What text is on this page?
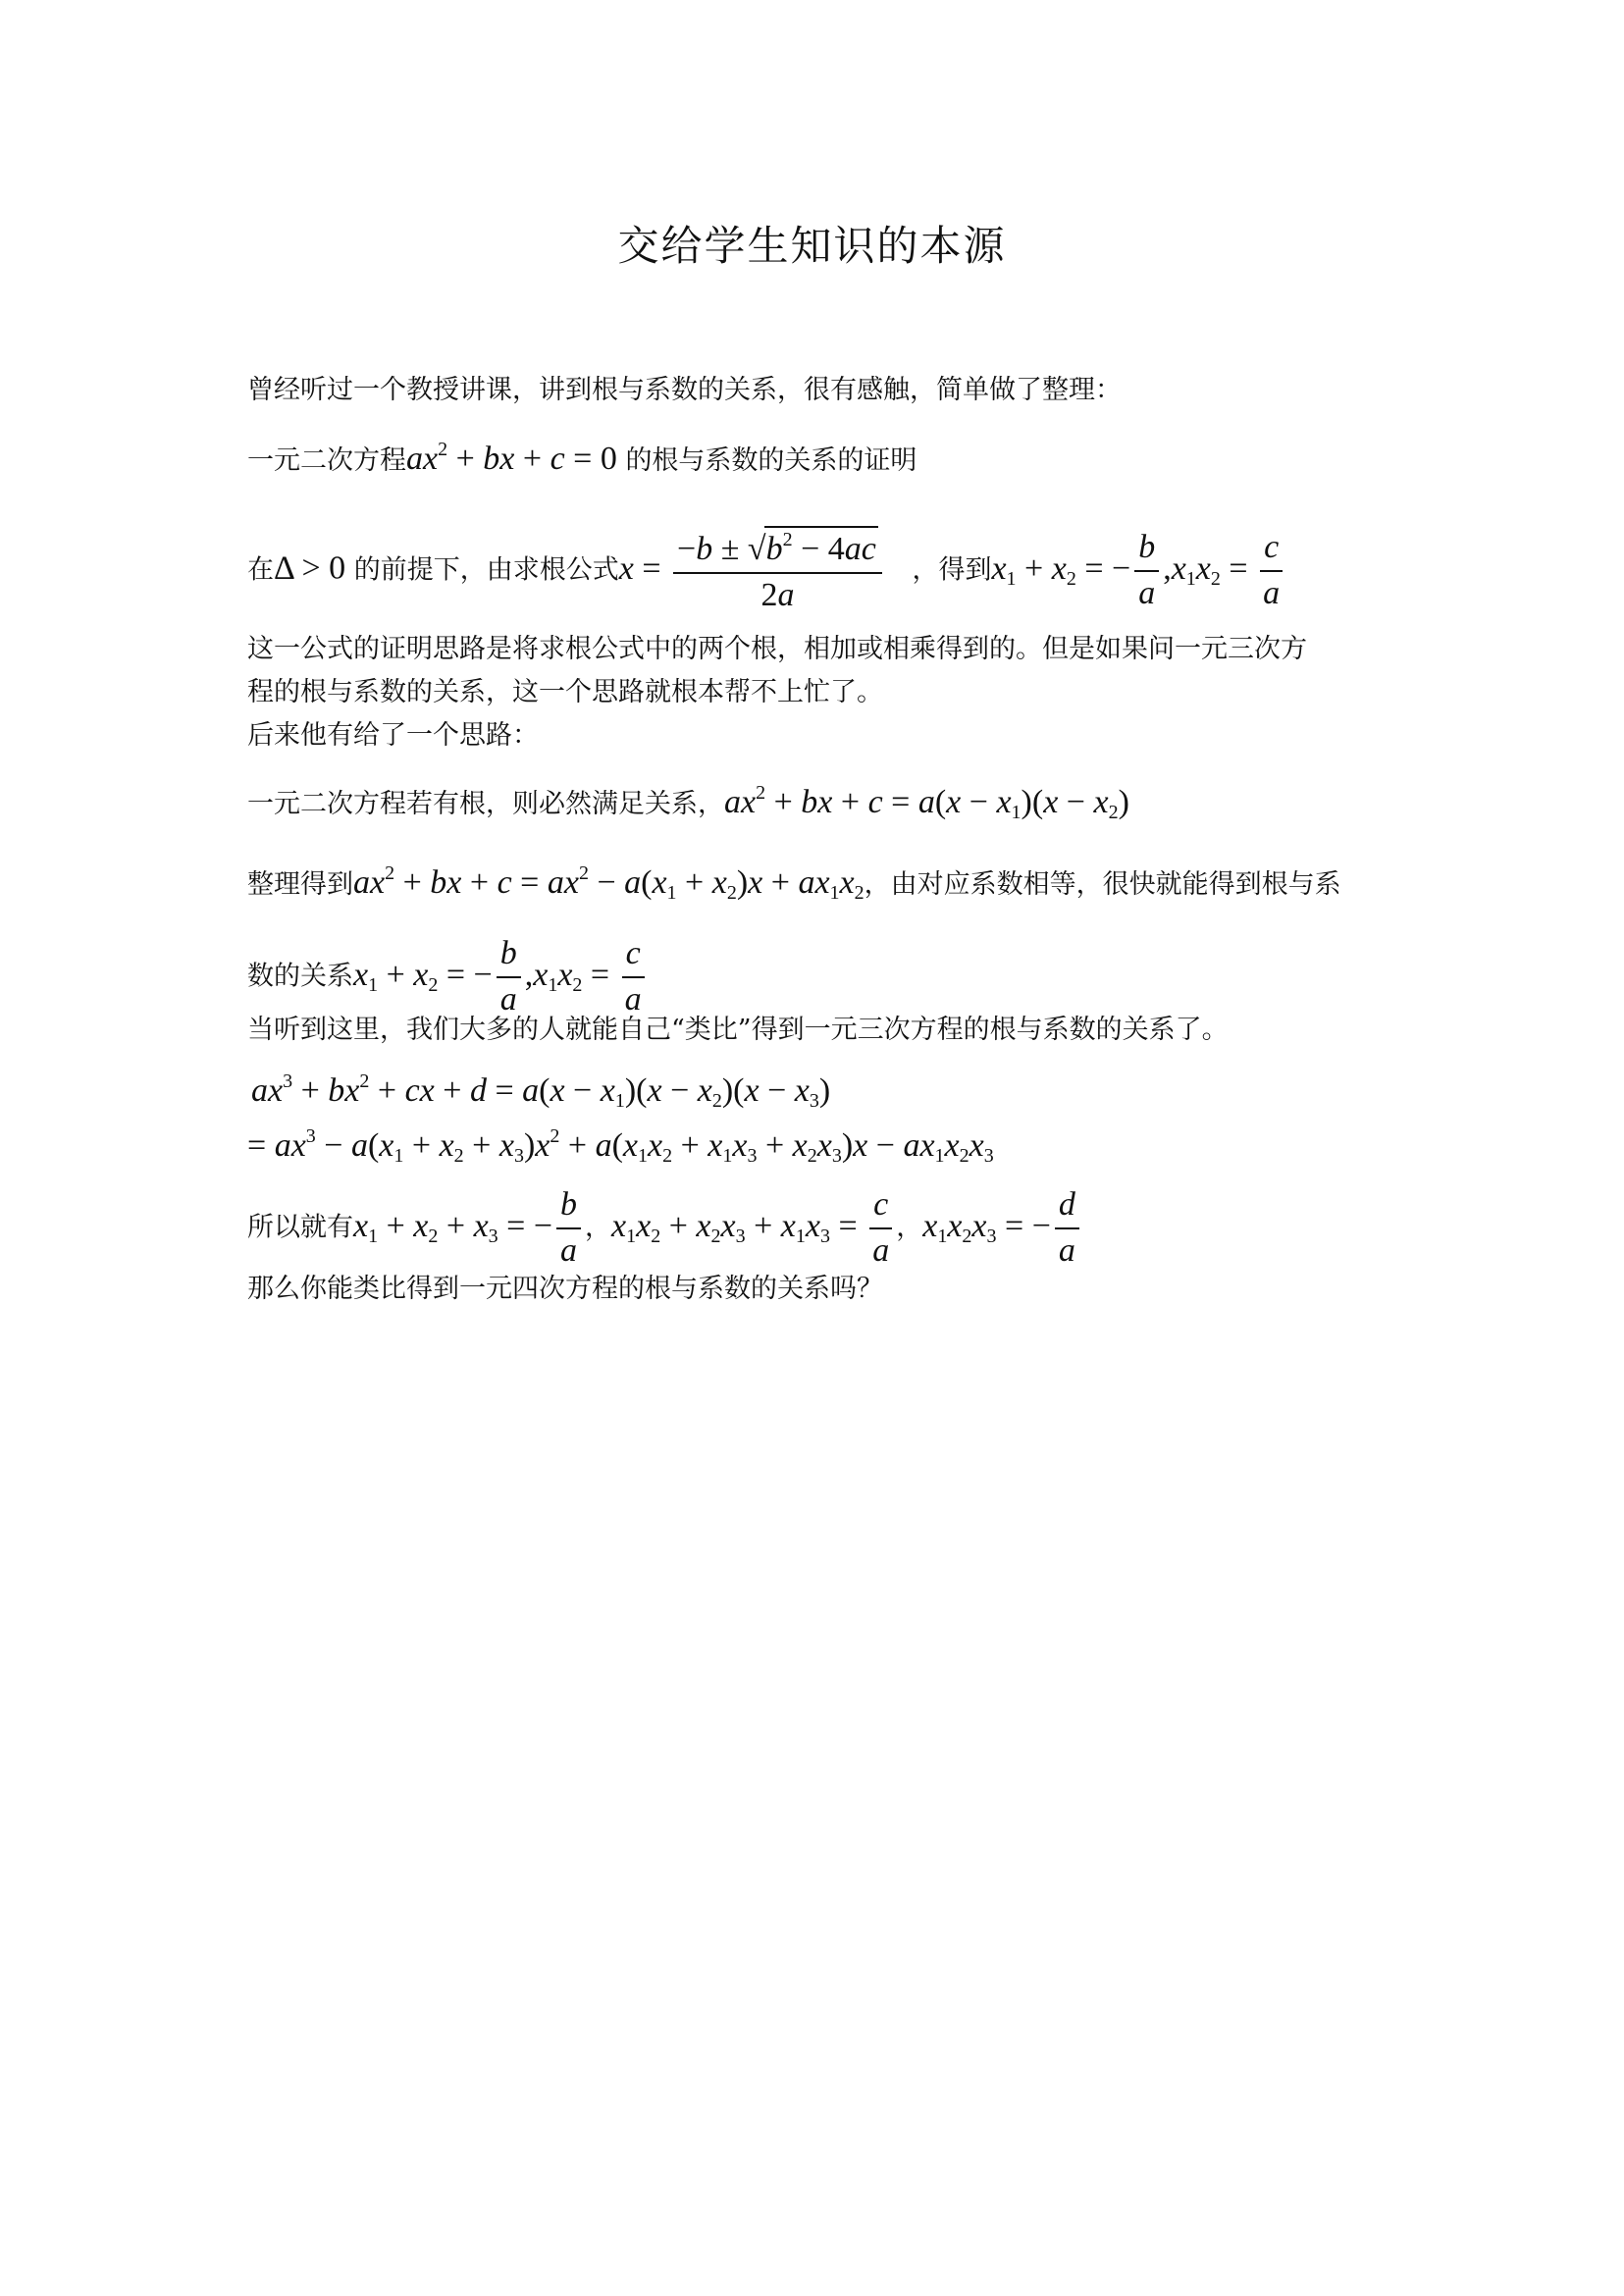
交给学生知识的本源
曾经听过一个教授讲课，讲到根与系数的关系，很有感触，简单做了整理：
一元二次方程$ax^2$ + bx + c = 0 的根与系数的关系的证明
在Δ > 0 的前提下，由求根公式$x = \frac{-b \pm √b^2 - 4ac}{2a}$ ，得到$x_1 + x_2$ = − $\frac{b}{a} ,x_1x_2 = \frac{c}{a}$
这一公式的证明思路是将求根公式中的两个根，相加或相乘得到的。但是如果问一元三次方
程的根与系数的关系，这一个思路就根本帮不上忙了。
后来他有给了一个思路：
一元二次方程若有根，则必然满足关系，$ax^2$ + bx + $c = a(x - x_1)(x - x_2)$
整理得到$ax^2$ + bx + $c = ax^2 - a(x_1 + x_2)x + ax_1x_2$，由对应系数相等，很快就能得到根与系
数的关系$x_1 + x_2$ = − $\frac{b}{a} ,x_1x_2 = \frac{c}{a}$
当听到这里，我们大多的人就能自己“类比”得到一元三次方程的根与系数的关系了。
$ax^3 + bx^2$ + cx + $d = a(x - x_1)(x - x_2)(x - x_3)$
= $ax^3 - a(x_1 + x_2 + x_3)x^2 + a(x_1x_2 + x_1x_3 + x_2x_3)x - ax_1x_2x_3$
所以就有$x_1 + x_2 + x_3$ = − $\frac{b}{a}$ ，$x_1x_2 + x_2x_3 + x_1x_3 = \frac{c}{a}$ ，$x_1x_2x_3$ = − $\frac{d}{a}$
那么你能类比得到一元四次方程的根与系数的关系吗？
